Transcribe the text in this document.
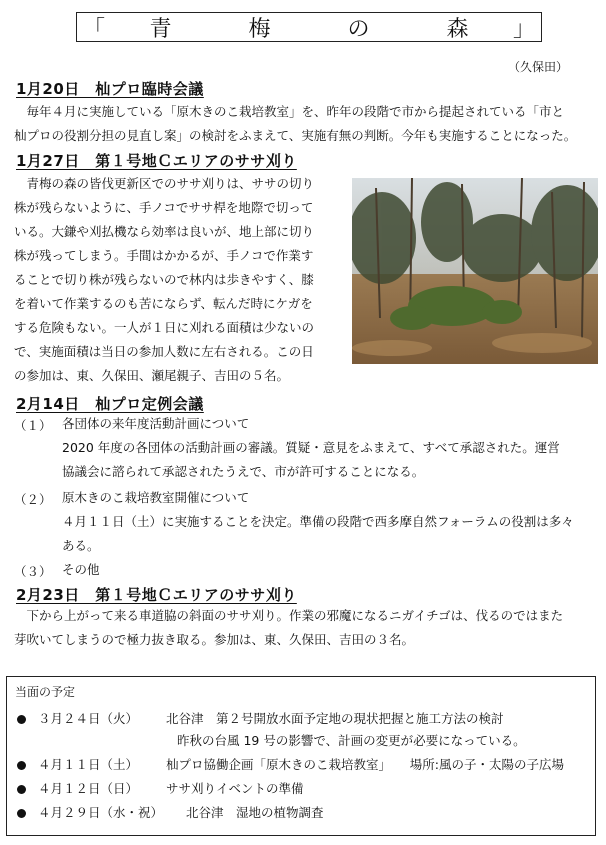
「 青	梅	の	森 」
（久保田）
1月20日　杣プロ臨時会議
　毎年４月に実施している「原木きのこ栽培教室」を、昨年の段階で市から提起されている「市と
杣プロの役割分担の見直し案」の検討をふまえて、実施有無の判断。今年も実施することになった。
1月27日　第１号地Ｃエリアのササ刈り
　青梅の森の皆伐更新区でのササ刈りは、ササの切り
株が残らないように、手ノコでササ桿を地際で切って
いる。大鎌や刈払機なら効率は良いが、地上部に切り
株が残ってしまう。手間はかかるが、手ノコで作業す
ることで切り株が残らないので林内は歩きやすく、膝
を着いて作業するのも苦にならず、転んだ時にケガを
する危険もない。一人が１日に刈れる面積は少ないの
で、実施面積は当日の参加人数に左右される。この日
の参加は、東、久保田、瀬尾親子、吉田の５名。
2月14日　杣プロ定例会議
（１） 各団体の来年度活動計画について
2020 年度の各団体の活動計画の審議。質疑・意見をふまえて、すべて承認された。運営
協議会に諮られて承認されたうえで、市が許可することになる。
（２） 原木きのこ栽培教室開催について
４月１１日（土）に実施することを決定。準備の段階で西多摩自然フォーラムの役割は多々
ある。
（３） その他
2月23日　第１号地Ｃエリアのササ刈り
　下から上がって来る車道脇の斜面のササ刈り。作業の邪魔になるニガイチゴは、伐るのではまた
芽吹いてしまうので極力抜き取る。参加は、東、久保田、吉田の３名。
当面の予定
３月２４日（火） 北谷津　第２号開放水面予定地の現状把握と施工方法の検討
昨秋の台風 19 号の影響で、計画の変更が必要になっている。
４月１１日（土） 杣プロ協働企画「原木きのこ栽培教室」　　場所:風の子・太陽の子広場
４月１２日（日） ササ刈りイベントの準備
４月２９日（水・祝） 北谷津　湿地の植物調査
